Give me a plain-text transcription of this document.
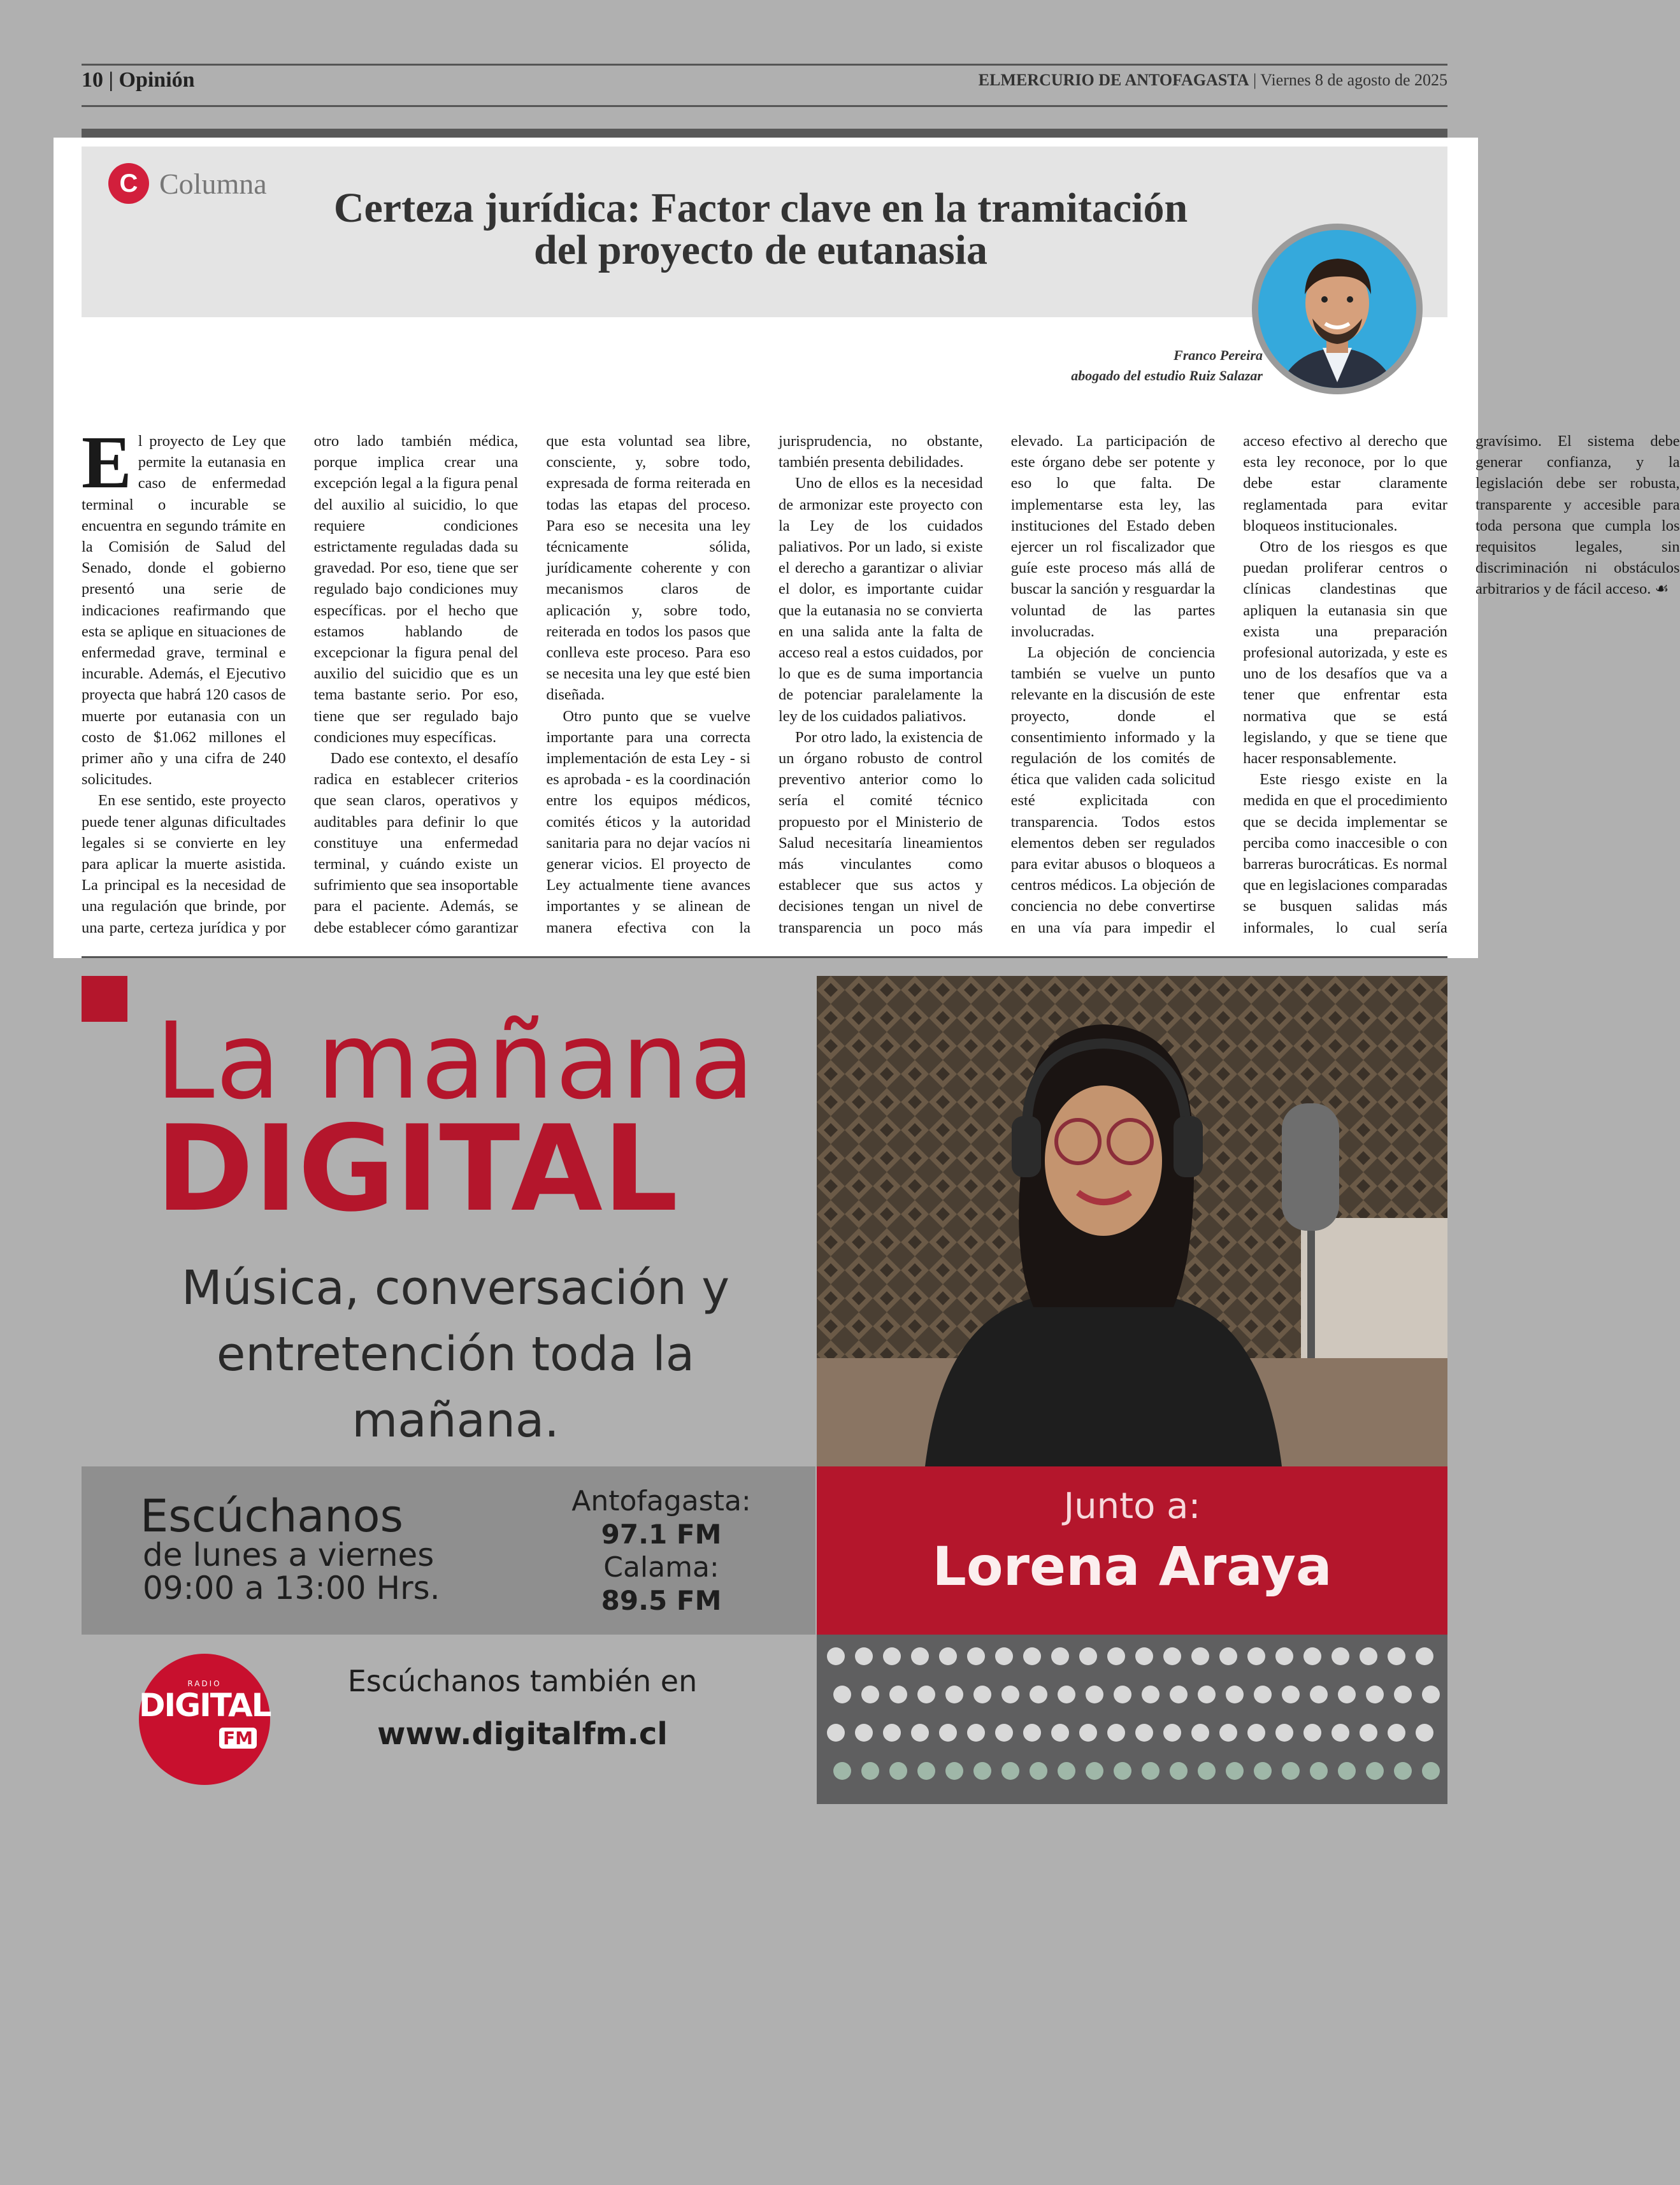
10 | Opinión	ELMERCURIO DE ANTOFAGASTA | Viernes 8 de agosto de 2025
C Columna
Certeza jurídica: Factor clave en la tramitación del proyecto de eutanasia
Franco Pereira
abogado del estudio Ruiz Salazar

El proyecto de Ley que permite la eutanasia en caso de enfermedad terminal o incurable se encuentra en segundo trámite en la Comisión de Salud del Senado, donde el gobierno presentó una serie de indicaciones reafirmando que esta se aplique en situaciones de enfermedad grave, terminal e incurable. Además, el Ejecutivo proyecta que habrá 120 casos de muerte por eutanasia con un costo de $1.062 millones el primer año y una cifra de 240 solicitudes.

En ese sentido, este proyecto puede tener algunas dificultades legales si se convierte en ley para aplicar la muerte asistida. La principal es la necesidad de una regulación que brinde, por una parte, certeza jurídica y por otro lado también médica, porque implica crear una excepción legal a la figura penal del auxilio al suicidio, lo que requiere condiciones estrictamente reguladas dada su gravedad. Por eso, tiene que ser regulado bajo condiciones muy específicas. por el hecho que estamos hablando de excepcionar la figura penal del auxilio del suicidio que es un tema bastante serio. Por eso, tiene que ser regulado bajo condiciones muy específicas.

Dado ese contexto, el desafío radica en establecer criterios que sean claros, operativos y auditables para definir lo que constituye una enfermedad terminal, y cuándo existe un sufrimiento que sea insoportable para el paciente. Además, se debe establecer cómo garantizar que esta voluntad sea libre, consciente, y, sobre todo, expresada de forma reiterada en todas las etapas del proceso. Para eso se necesita una ley técnicamente sólida, jurídicamente coherente y con mecanismos claros de aplicación y, sobre todo, reiterada en todos los pasos que conlleva este proceso. Para eso se necesita una ley que esté bien diseñada.

Otro punto que se vuelve importante para una correcta implementación de esta Ley - si es aprobada - es la coordinación entre los equipos médicos, comités éticos y la autoridad sanitaria para no dejar vacíos ni generar vicios. El proyecto de Ley actualmente tiene avances importantes y se alinean de manera efectiva con la jurisprudencia, no obstante, también presenta debilidades.

Uno de ellos es la necesidad de armonizar este proyecto con la Ley de los cuidados paliativos. Por un lado, si existe el derecho a garantizar o aliviar el dolor, es importante cuidar que la eutanasia no se convierta en una salida ante la falta de acceso real a estos cuidados, por lo que es de suma importancia de potenciar paralelamente la ley de los cuidados paliativos.

Por otro lado, la existencia de un órgano robusto de control preventivo anterior como lo sería el comité técnico propuesto por el Ministerio de Salud necesitaría lineamientos más vinculantes como establecer que sus actos y decisiones tengan un nivel de transparencia un poco más elevado. La participación de este órgano debe ser potente y eso lo que falta. De implementarse esta ley, las instituciones del Estado deben ejercer un rol fiscalizador que guíe este proceso más allá de buscar la sanción y resguardar la voluntad de las partes involucradas.

La objeción de conciencia también se vuelve un punto relevante en la discusión de este proyecto, donde el consentimiento informado y la regulación de los comités de ética que validen cada solicitud esté explicitada con transparencia. Todos estos elementos deben ser regulados para evitar abusos o bloqueos a centros médicos. La objeción de conciencia no debe convertirse en una vía para impedir el acceso efectivo al derecho que esta ley reconoce, por lo que debe estar claramente reglamentada para evitar bloqueos institucionales.

Otro de los riesgos es que puedan proliferar centros o clínicas clandestinas que apliquen la eutanasia sin que exista una preparación profesional autorizada, y este es uno de los desafíos que va a tener que enfrentar esta normativa que se está legislando, y que se tiene que hacer responsablemente.

Este riesgo existe en la medida en que el procedimiento que se decida implementar se perciba como inaccesible o con barreras burocráticas. Es normal que en legislaciones comparadas se busquen salidas más informales, lo cual sería gravísimo. El sistema debe generar confianza, y la legislación debe ser robusta, transparente y accesible para toda persona que cumpla los requisitos legales, sin discriminación ni obstáculos arbitrarios y de fácil acceso. ☙

La mañana
DIGITAL
Música, conversación y entretención toda la mañana.
Escúchanos
de lunes a viernes
09:00 a 13:00 Hrs.
Antofagasta:
97.1 FM
Calama:
89.5 FM
Junto a:
Lorena Araya
RADIO
DIGITAL
FM
Escúchanos también en
www.digitalfm.cl
